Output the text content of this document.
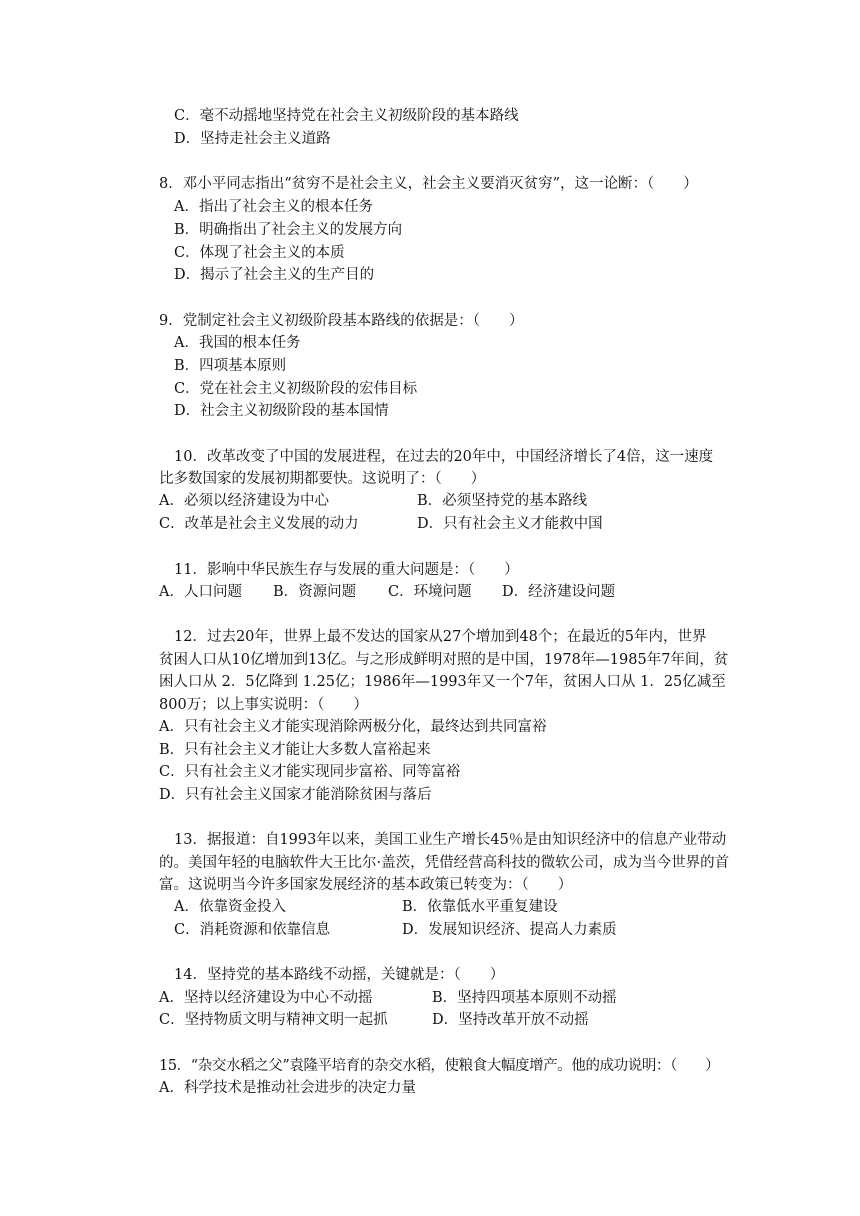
C．毫不动摇地坚持党在社会主义初级阶段的基本路线
D．坚持走社会主义道路
8．邓小平同志指出“贫穷不是社会主义，社会主义要消灭贫穷”，这一论断：（　　）
A．指出了社会主义的根本任务
B．明确指出了社会主义的发展方向
C．体现了社会主义的本质
D．揭示了社会主义的生产目的
9．党制定社会主义初级阶段基本路线的依据是：（　　）
A．我国的根本任务
B．四项基本原则
C．党在社会主义初级阶段的宏伟目标
D．社会主义初级阶段的基本国情
10．改革改变了中国的发展进程，在过去的20年中，中国经济增长了4倍，这一速度
比多数国家的发展初期都要快。这说明了：（　　）
A．必须以经济建设为中心	B．必须坚持党的基本路线
C．改革是社会主义发展的动力	D．只有社会主义才能救中国
11．影响中华民族生存与发展的重大问题是：（　　）
A．人口问题 B．资源问题 C．环境问题 D．经济建设问题
12．过去20年，世界上最不发达的国家从27个增加到48个；在最近的5年内，世界
贫困人口从10亿增加到13亿。与之形成鲜明对照的是中国，1978年—1985年7年间，贫
困人口从 2．5亿降到 1.25亿；1986年—1993年又一个7年，贫困人口从 1．25亿减至
800万；以上事实说明：（　　）
A．只有社会主义才能实现消除两极分化，最终达到共同富裕
B．只有社会主义才能让大多数人富裕起来
C．只有社会主义才能实现同步富裕、同等富裕
D．只有社会主义国家才能消除贫困与落后
13．据报道：自1993年以来，美国工业生产增长45％是由知识经济中的信息产业带动
的。美国年轻的电脑软件大王比尔·盖茨，凭借经营高科技的微软公司，成为当今世界的首
富。这说明当今许多国家发展经济的基本政策已转变为：（　　）
A．依靠资金投入	B．依靠低水平重复建设
C．消耗资源和依靠信息	D．发展知识经济、提高人力素质
14．坚持党的基本路线不动摇，关键就是：（　　）
A．坚持以经济建设为中心不动摇	B．坚持四项基本原则不动摇
C．坚持物质文明与精神文明一起抓	D．坚持改革开放不动摇
15．“杂交水稻之父”袁隆平培育的杂交水稻，使粮食大幅度增产。他的成功说明：（　　）
A．科学技术是推动社会进步的决定力量
